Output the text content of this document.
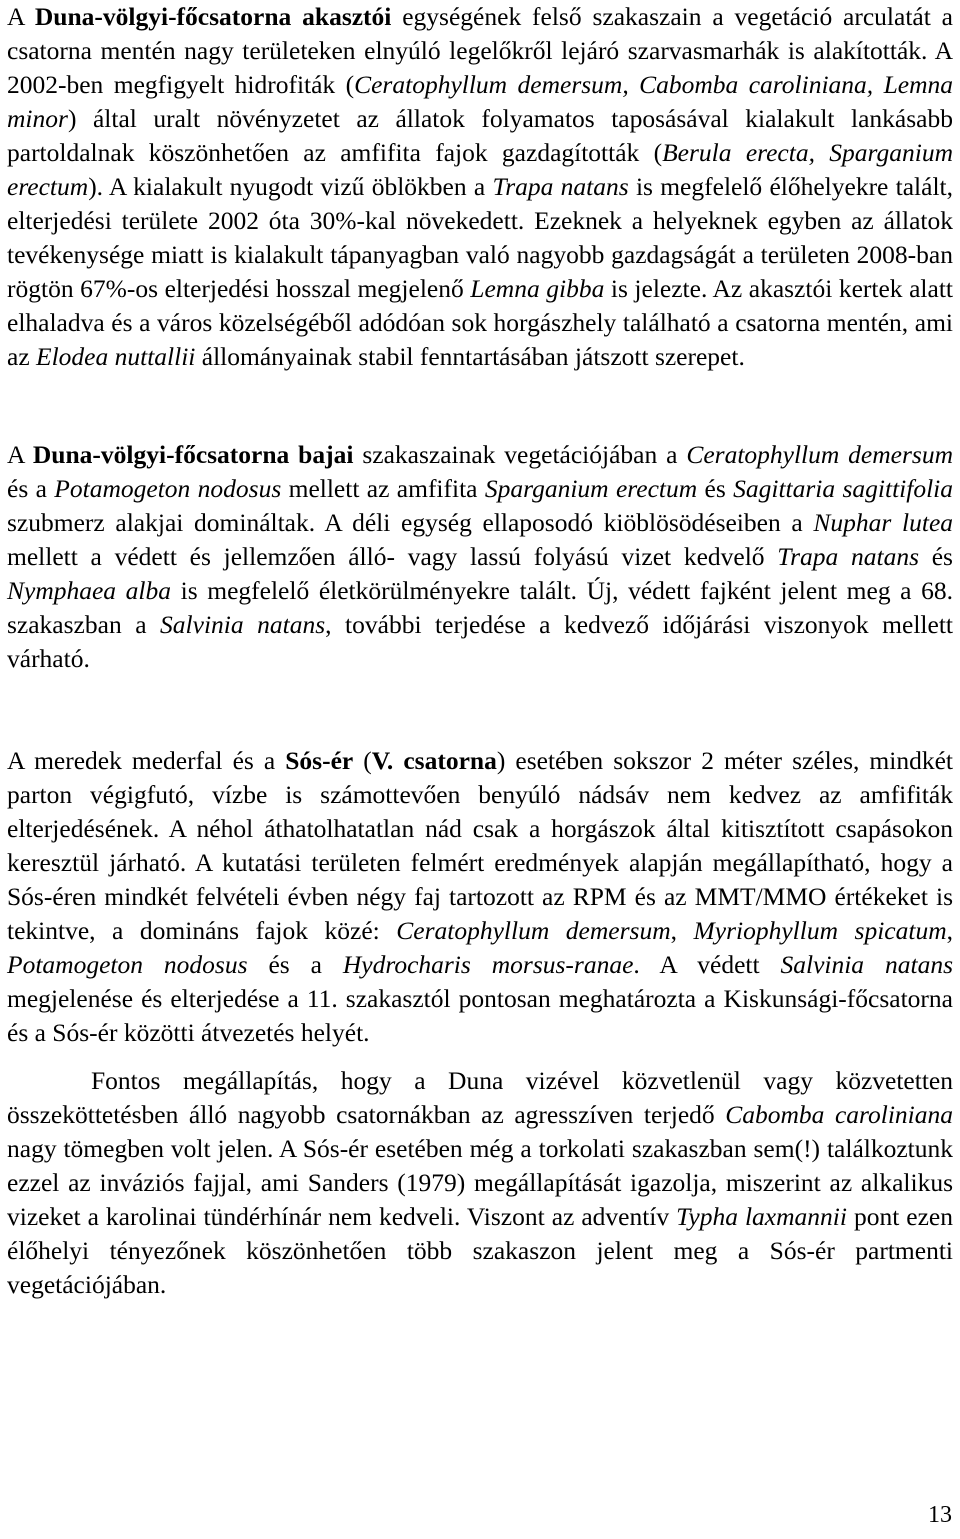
A Duna-völgyi-főcsatorna akasztói egységének felső szakaszain a vegetáció arculatát a csatorna mentén nagy területeken elnyúló legelőkről lejáró szarvasmarhák is alakították. A 2002-ben megfigyelt hidrofiták (Ceratophyllum demersum, Cabomba caroliniana, Lemna minor) által uralt növényzetet az állatok folyamatos taposásával kialakult lankásabb partoldalnak köszönhetően az amfifita fajok gazdagították (Berula erecta, Sparganium erectum). A kialakult nyugodt vizű öblökben a Trapa natans is megfelelő élőhelyekre talált, elterjedési területe 2002 óta 30%-kal növekedett. Ezeknek a helyeknek egyben az állatok tevékenysége miatt is kialakult tápanyagban való nagyobb gazdagságát a területen 2008-ban rögtön 67%-os elterjedési hosszal megjelenő Lemna gibba is jelezte. Az akasztói kertek alatt elhaladva és a város közelségéből adódóan sok horgászhely található a csatorna mentén, ami az Elodea nuttallii állományainak stabil fenntartásában játszott szerepet.

A Duna-völgyi-főcsatorna bajai szakaszainak vegetációjában a Ceratophyllum demersum és a Potamogeton nodosus mellett az amfifita Sparganium erectum és Sagittaria sagittifolia szubmerz alakjai domináltak. A déli egység ellaposodó kiöblösödéseiben a Nuphar lutea mellett a védett és jellemzően álló- vagy lassú folyású vizet kedvelő Trapa natans és Nymphaea alba is megfelelő életkörülményekre talált. Új, védett fajként jelent meg a 68. szakaszban a Salvinia natans, további terjedése a kedvező időjárási viszonyok mellett várható.

A meredek mederfal és a Sós-ér (V. csatorna) esetében sokszor 2 méter széles, mindkét parton végigfutó, vízbe is számottevően benyúló nádsáv nem kedvez az amfifiták elterjedésének. A néhol áthatolhatatlan nád csak a horgászok által kitisztított csapásokon keresztül járható. A kutatási területen felmért eredmények alapján megállapítható, hogy a Sós-éren mindkét felvételi évben négy faj tartozott az RPM és az MMT/MMO értékeket is tekintve, a domináns fajok közé: Ceratophyllum demersum, Myriophyllum spicatum, Potamogeton nodosus és a Hydrocharis morsus-ranae. A védett Salvinia natans megjelenése és elterjedése a 11. szakasztól pontosan meghatározta a Kiskunsági-főcsatorna és a Sós-ér közötti átvezetés helyét.

Fontos megállapítás, hogy a Duna vizével közvetlenül vagy közvetetten összeköttetésben álló nagyobb csatornákban az agresszíven terjedő Cabomba caroliniana nagy tömegben volt jelen. A Sós-ér esetében még a torkolati szakaszban sem(!) találkoztunk ezzel az inváziós fajjal, ami Sanders (1979) megállapítását igazolja, miszerint az alkalikus vizeket a karolinai tündérhínár nem kedveli. Viszont az adventív Typha laxmannii pont ezen élőhelyi tényezőnek köszönhetően több szakaszon jelent meg a Sós-ér partmenti vegetációjában.

13
